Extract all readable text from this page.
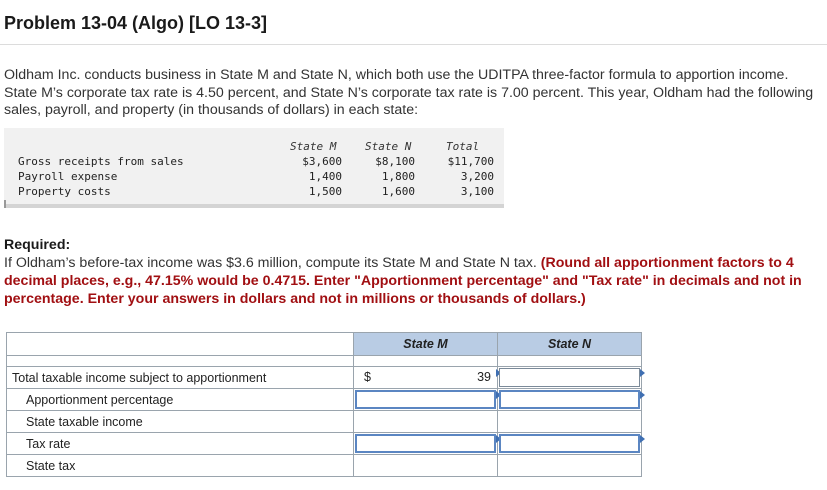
Problem 13-04 (Algo) [LO 13-3]
Oldham Inc. conducts business in State M and State N, which both use the UDITPA three-factor formula to apportion income. State M’s corporate tax rate is 4.50 percent, and State N’s corporate tax rate is 7.00 percent. This year, Oldham had the following sales, payroll, and property (in thousands of dollars) in each state:
State M	State N	Total
Gross receipts from sales	$3,600	$8,100	$11,700
Payroll expense	1,400	1,800	3,200
Property costs	1,500	1,600	3,100
Required:
If Oldham’s before-tax income was $3.6 million, compute its State M and State N tax. (Round all apportionment factors to 4 decimal places, e.g., 47.15% would be 0.4715. Enter "Apportionment percentage" and "Tax rate" in decimals and not in percentage. Enter your answers in dollars and not in millions or thousands of dollars.)
	State M	State N

Total taxable income subject to apportionment	$ 39	

Apportionment percentage	

State taxable income	

Tax rate	

State tax	
